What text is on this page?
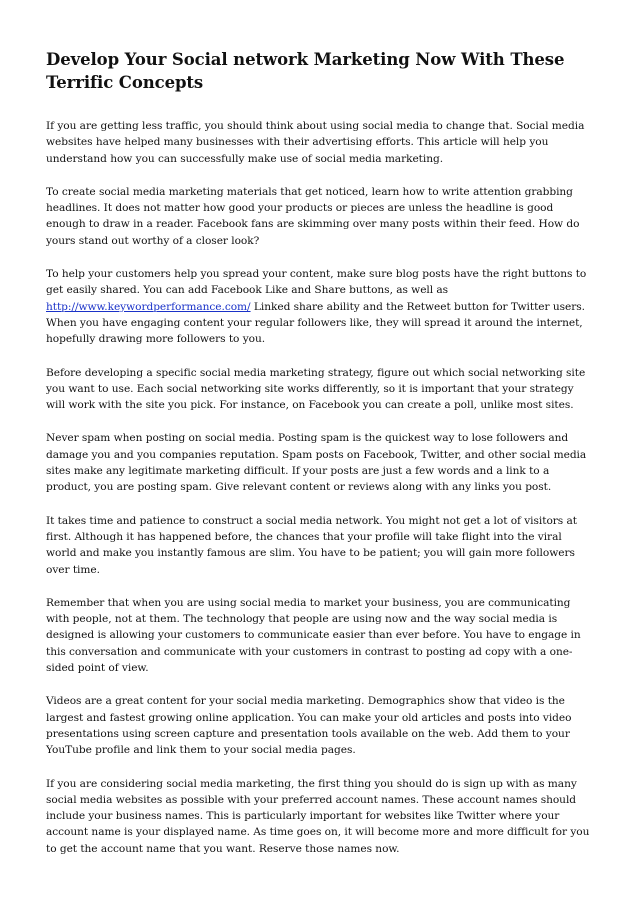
Develop Your Social network Marketing Now With These Terrific Concepts

If you are getting less traffic, you should think about using social media to change that. Social media websites have helped many businesses with their advertising efforts. This article will help you understand how you can successfully make use of social media marketing.

To create social media marketing materials that get noticed, learn how to write attention grabbing headlines. It does not matter how good your products or pieces are unless the headline is good enough to draw in a reader. Facebook fans are skimming over many posts within their feed. How do yours stand out worthy of a closer look?

To help your customers help you spread your content, make sure blog posts have the right buttons to get easily shared. You can add Facebook Like and Share buttons, as well as http://www.keywordperformance.com/ Linked share ability and the Retweet button for Twitter users. When you have engaging content your regular followers like, they will spread it around the internet, hopefully drawing more followers to you.

Before developing a specific social media marketing strategy, figure out which social networking site you want to use. Each social networking site works differently, so it is important that your strategy will work with the site you pick. For instance, on Facebook you can create a poll, unlike most sites.

Never spam when posting on social media. Posting spam is the quickest way to lose followers and damage you and you companies reputation. Spam posts on Facebook, Twitter, and other social media sites make any legitimate marketing difficult. If your posts are just a few words and a link to a product, you are posting spam. Give relevant content or reviews along with any links you post.

It takes time and patience to construct a social media network. You might not get a lot of visitors at first. Although it has happened before, the chances that your profile will take flight into the viral world and make you instantly famous are slim. You have to be patient; you will gain more followers over time.

Remember that when you are using social media to market your business, you are communicating with people, not at them. The technology that people are using now and the way social media is designed is allowing your customers to communicate easier than ever before. You have to engage in this conversation and communicate with your customers in contrast to posting ad copy with a one-sided point of view.

Videos are a great content for your social media marketing. Demographics show that video is the largest and fastest growing online application. You can make your old articles and posts into video presentations using screen capture and presentation tools available on the web. Add them to your YouTube profile and link them to your social media pages.

If you are considering social media marketing, the first thing you should do is sign up with as many social media websites as possible with your preferred account names. These account names should include your business names. This is particularly important for websites like Twitter where your account name is your displayed name. As time goes on, it will become more and more difficult for you to get the account name that you want. Reserve those names now.
